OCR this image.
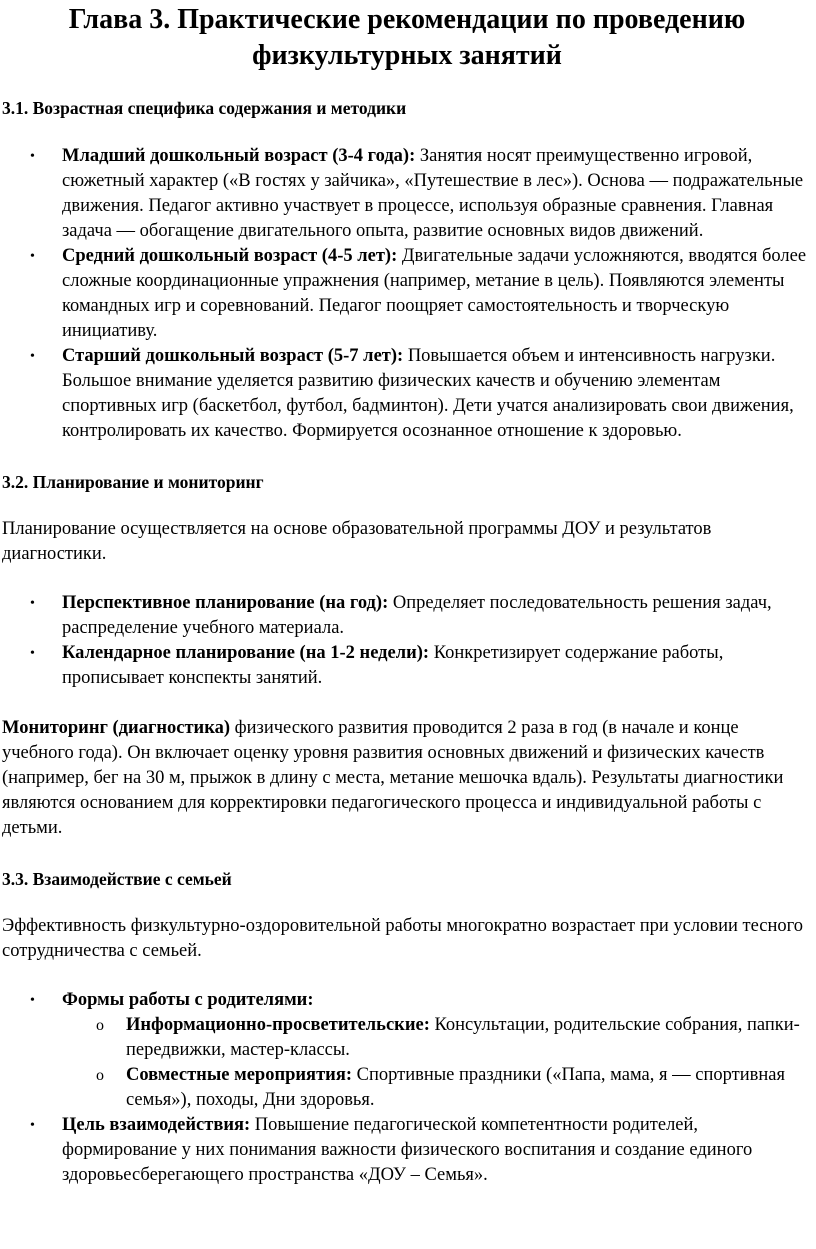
Глава 3. Практические рекомендации по проведению
физкультурных занятий
3.1. Возрастная специфика содержания и методики
• Младший дошкольный возраст (3-4 года): Занятия носят преимущественно игровой, сюжетный характер («В гостях у зайчика», «Путешествие в лес»). Основа — подражательные движения. Педагог активно участвует в процессе, используя образные сравнения. Главная задача — обогащение двигательного опыта, развитие основных видов движений.
• Средний дошкольный возраст (4-5 лет): Двигательные задачи усложняются, вводятся более сложные координационные упражнения (например, метание в цель). Появляются элементы командных игр и соревнований. Педагог поощряет самостоятельность и творческую инициативу.
• Старший дошкольный возраст (5-7 лет): Повышается объем и интенсивность нагрузки. Большое внимание уделяется развитию физических качеств и обучению элементам спортивных игр (баскетбол, футбол, бадминтон). Дети учатся анализировать свои движения, контролировать их качество. Формируется осознанное отношение к здоровью.
3.2. Планирование и мониторинг

Планирование осуществляется на основе образовательной программы ДОУ и результатов диагностики.

• Перспективное планирование (на год): Определяет последовательность решения задач, распределение учебного материала.
• Календарное планирование (на 1-2 недели): Конкретизирует содержание работы, прописывает конспекты занятий.

Мониторинг (диагностика) физического развития проводится 2 раза в год (в начале и конце учебного года). Он включает оценку уровня развития основных движений и физических качеств (например, бег на 30 м, прыжок в длину с места, метание мешочка вдаль). Результаты диагностики являются основанием для корректировки педагогического процесса и индивидуальной работы с детьми.

3.3. Взаимодействие с семьей

Эффективность физкультурно-оздоровительной работы многократно возрастает при условии тесного сотрудничества с семьей.

• Формы работы с родителями:
o Информационно-просветительские: Консультации, родительские собрания, папки-передвижки, мастер-классы.
o Совместные мероприятия: Спортивные праздники («Папа, мама, я — спортивная семья»), походы, Дни здоровья.
• Цель взаимодействия: Повышение педагогической компетентности родителей, формирование у них понимания важности физического воспитания и создание единого здоровьесберегающего пространства «ДОУ – Семья».
